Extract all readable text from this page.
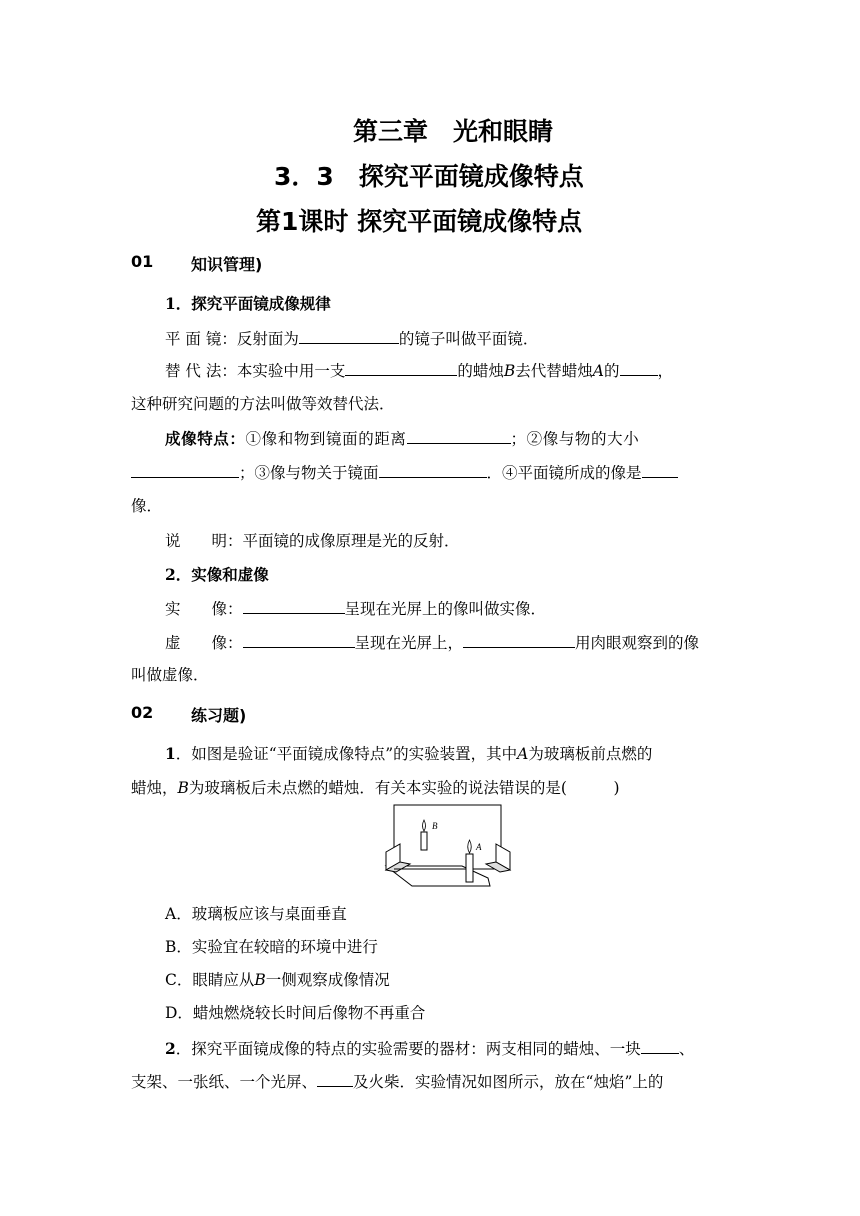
第三章　光和眼睛
3．3　探究平面镜成像特点
第1课时 探究平面镜成像特点
01 知识管理)
1．探究平面镜成像规律
平 面 镜：反射面为	的镜子叫做平面镜．
替 代 法：本实验中用一支	的蜡烛B去代替蜡烛A的 ，
这种研究问题的方法叫做等效替代法．
成像特点：①像和物到镜面的距离	；②像与物的大小
；③像与物关于镜面	．④平面镜所成的像是
像．
说　　明：平面镜的成像原理是光的反射．
2．实像和虚像
实　　像：	呈现在光屏上的像叫做实像．
虚　　像：	呈现在光屏上，	用肉眼观察到的像
叫做虚像．
02 练习题)
1．如图是验证“平面镜成像特点”的实验装置，其中A为玻璃板前点燃的
蜡烛，B为玻璃板后未点燃的蜡烛．有关本实验的说法错误的是(　　　)
B
A
A．玻璃板应该与桌面垂直
B．实验宜在较暗的环境中进行
C．眼睛应从B一侧观察成像情况
D．蜡烛燃烧较长时间后像物不再重合
2．探究平面镜成像的特点的实验需要的器材：两支相同的蜡烛、一块 、
支架、一张纸、一个光屏、 及火柴．实验情况如图所示，放在“烛焰”上的
